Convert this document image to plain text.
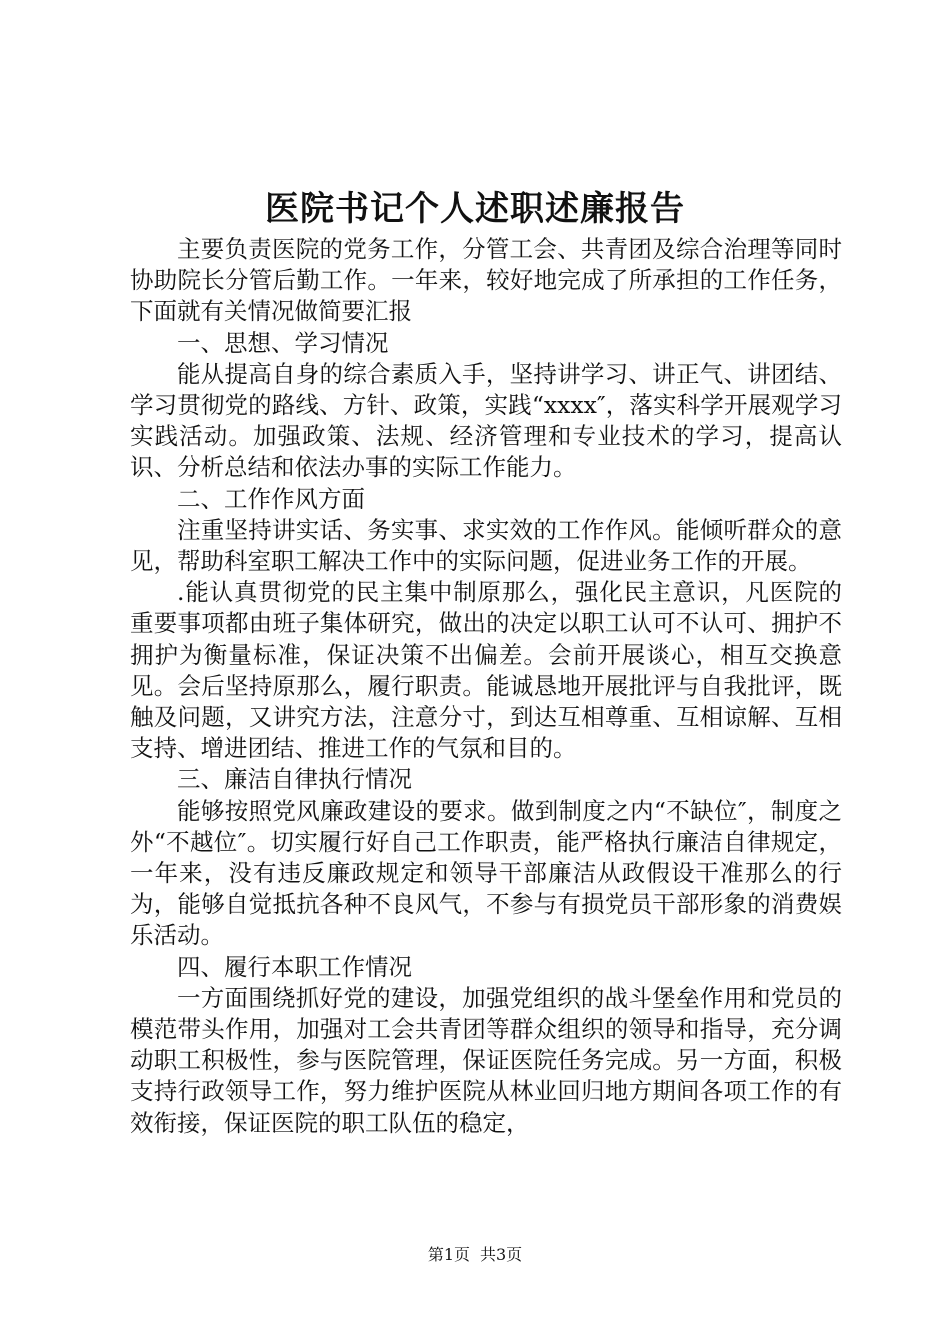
医院书记个人述职述廉报告

主要负责医院的党务工作，分管工会、共青团及综合治理等同时协助院长分管后勤工作。一年来，较好地完成了所承担的工作任务，下面就有关情况做简要汇报

一、思想、学习情况

能从提高自身的综合素质入手，坚持讲学习、讲正气、讲团结、学习贯彻党的路线、方针、政策，实践“xxxx″，落实科学开展观学习实践活动。加强政策、法规、经济管理和专业技术的学习，提高认识、分析总结和依法办事的实际工作能力。

二、工作作风方面

注重坚持讲实话、务实事、求实效的工作作风。能倾听群众的意见，帮助科室职工解决工作中的实际问题，促进业务工作的开展。

.能认真贯彻党的民主集中制原那么，强化民主意识，凡医院的重要事项都由班子集体研究，做出的决定以职工认可不认可、拥护不拥护为衡量标准，保证决策不出偏差。会前开展谈心，相互交换意见。会后坚持原那么，履行职责。能诚恳地开展批评与自我批评，既触及问题，又讲究方法，注意分寸，到达互相尊重、互相谅解、互相支持、增进团结、推进工作的气氛和目的。

三、廉洁自律执行情况

能够按照党风廉政建设的要求。做到制度之内“不缺位″，制度之外“不越位″。切实履行好自己工作职责，能严格执行廉洁自律规定，一年来，没有违反廉政规定和领导干部廉洁从政假设干准那么的行为，能够自觉抵抗各种不良风气，不参与有损党员干部形象的消费娱乐活动。

四、履行本职工作情况

一方面围绕抓好党的建设，加强党组织的战斗堡垒作用和党员的模范带头作用，加强对工会共青团等群众组织的领导和指导，充分调动职工积极性，参与医院管理，保证医院任务完成。另一方面，积极支持行政领导工作，努力维护医院从林业回归地方期间各项工作的有效衔接，保证医院的职工队伍的稳定，

第1页 共3页
